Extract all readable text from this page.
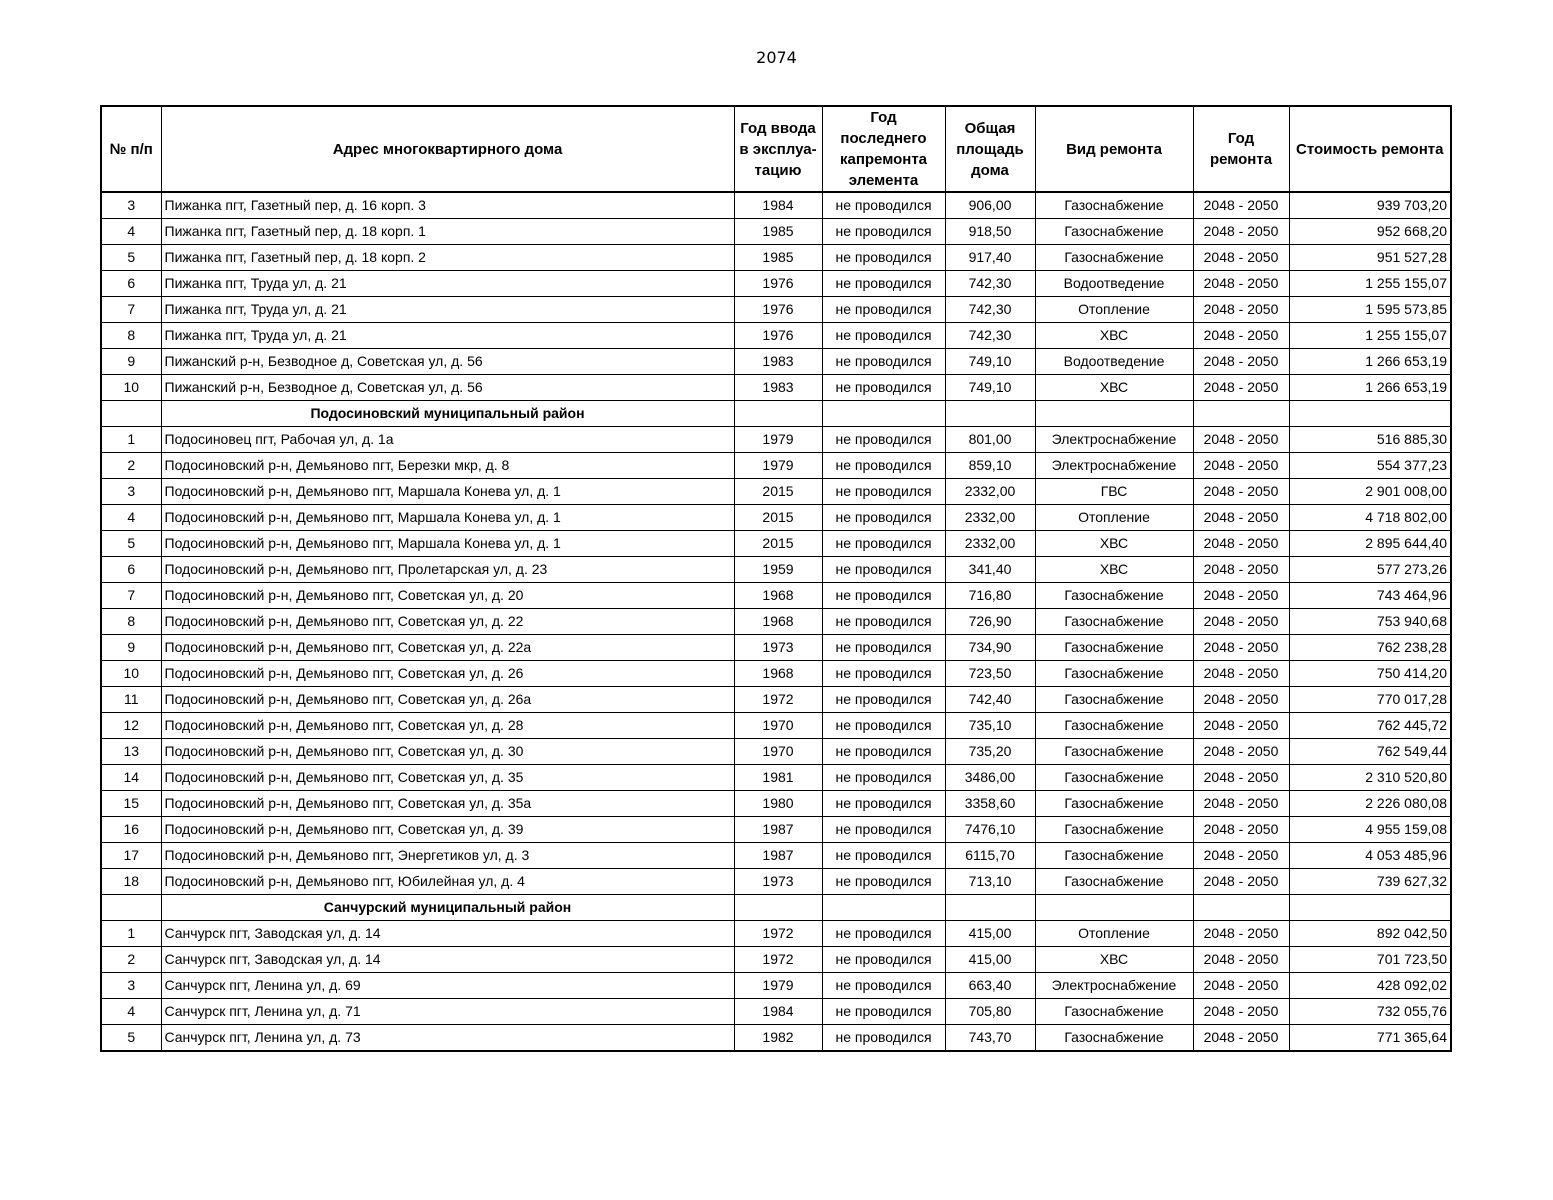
2074
№ п/п	Адрес многоквартирного дома	Год ввода в эксплуа-тацию	Год последнего капремонта элемента	Общая площадь дома	Вид ремонта	Год ремонта	Стоимость ремонта
3	Пижанка пгт, Газетный пер, д. 16 корп. 3	1984	не проводился	906,00	Газоснабжение	2048 - 2050	939 703,20
4	Пижанка пгт, Газетный пер, д. 18 корп. 1	1985	не проводился	918,50	Газоснабжение	2048 - 2050	952 668,20
5	Пижанка пгт, Газетный пер, д. 18 корп. 2	1985	не проводился	917,40	Газоснабжение	2048 - 2050	951 527,28
6	Пижанка пгт, Труда ул, д. 21	1976	не проводился	742,30	Водоотведение	2048 - 2050	1 255 155,07
7	Пижанка пгт, Труда ул, д. 21	1976	не проводился	742,30	Отопление	2048 - 2050	1 595 573,85
8	Пижанка пгт, Труда ул, д. 21	1976	не проводился	742,30	ХВС	2048 - 2050	1 255 155,07
9	Пижанский р-н, Безводное д, Советская ул, д. 56	1983	не проводился	749,10	Водоотведение	2048 - 2050	1 266 653,19
10	Пижанский р-н, Безводное д, Советская ул, д. 56	1983	не проводился	749,10	ХВС	2048 - 2050	1 266 653,19
	Подосиновский муниципальный район						
1	Подосиновец пгт, Рабочая ул, д. 1а	1979	не проводился	801,00	Электроснабжение	2048 - 2050	516 885,30
2	Подосиновский р-н, Демьяново пгт, Березки мкр, д. 8	1979	не проводился	859,10	Электроснабжение	2048 - 2050	554 377,23
3	Подосиновский р-н, Демьяново пгт, Маршала Конева ул, д. 1	2015	не проводился	2332,00	ГВС	2048 - 2050	2 901 008,00
4	Подосиновский р-н, Демьяново пгт, Маршала Конева ул, д. 1	2015	не проводился	2332,00	Отопление	2048 - 2050	4 718 802,00
5	Подосиновский р-н, Демьяново пгт, Маршала Конева ул, д. 1	2015	не проводился	2332,00	ХВС	2048 - 2050	2 895 644,40
6	Подосиновский р-н, Демьяново пгт, Пролетарская ул, д. 23	1959	не проводился	341,40	ХВС	2048 - 2050	577 273,26
7	Подосиновский р-н, Демьяново пгт, Советская ул, д. 20	1968	не проводился	716,80	Газоснабжение	2048 - 2050	743 464,96
8	Подосиновский р-н, Демьяново пгт, Советская ул, д. 22	1968	не проводился	726,90	Газоснабжение	2048 - 2050	753 940,68
9	Подосиновский р-н, Демьяново пгт, Советская ул, д. 22а	1973	не проводился	734,90	Газоснабжение	2048 - 2050	762 238,28
10	Подосиновский р-н, Демьяново пгт, Советская ул, д. 26	1968	не проводился	723,50	Газоснабжение	2048 - 2050	750 414,20
11	Подосиновский р-н, Демьяново пгт, Советская ул, д. 26а	1972	не проводился	742,40	Газоснабжение	2048 - 2050	770 017,28
12	Подосиновский р-н, Демьяново пгт, Советская ул, д. 28	1970	не проводился	735,10	Газоснабжение	2048 - 2050	762 445,72
13	Подосиновский р-н, Демьяново пгт, Советская ул, д. 30	1970	не проводился	735,20	Газоснабжение	2048 - 2050	762 549,44
14	Подосиновский р-н, Демьяново пгт, Советская ул, д. 35	1981	не проводился	3486,00	Газоснабжение	2048 - 2050	2 310 520,80
15	Подосиновский р-н, Демьяново пгт, Советская ул, д. 35а	1980	не проводился	3358,60	Газоснабжение	2048 - 2050	2 226 080,08
16	Подосиновский р-н, Демьяново пгт, Советская ул, д. 39	1987	не проводился	7476,10	Газоснабжение	2048 - 2050	4 955 159,08
17	Подосиновский р-н, Демьяново пгт, Энергетиков ул, д. 3	1987	не проводился	6115,70	Газоснабжение	2048 - 2050	4 053 485,96
18	Подосиновский р-н, Демьяново пгт, Юбилейная ул, д. 4	1973	не проводился	713,10	Газоснабжение	2048 - 2050	739 627,32
	Санчурский муниципальный район						
1	Санчурск пгт, Заводская ул, д. 14	1972	не проводился	415,00	Отопление	2048 - 2050	892 042,50
2	Санчурск пгт, Заводская ул, д. 14	1972	не проводился	415,00	ХВС	2048 - 2050	701 723,50
3	Санчурск пгт, Ленина ул, д. 69	1979	не проводился	663,40	Электроснабжение	2048 - 2050	428 092,02
4	Санчурск пгт, Ленина ул, д. 71	1984	не проводился	705,80	Газоснабжение	2048 - 2050	732 055,76
5	Санчурск пгт, Ленина ул, д. 73	1982	не проводился	743,70	Газоснабжение	2048 - 2050	771 365,64
